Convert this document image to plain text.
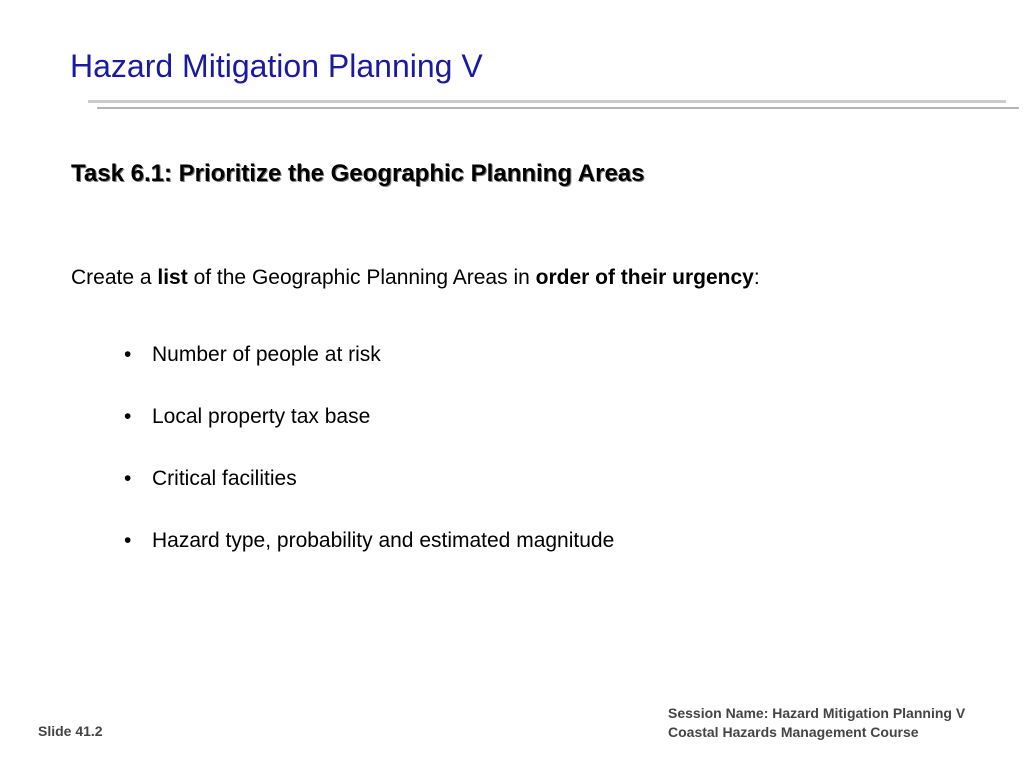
Hazard Mitigation Planning V
Task 6.1: Prioritize the Geographic Planning Areas

Create a list of the Geographic Planning Areas in order of their urgency:

• Number of people at risk
• Local property tax base
• Critical facilities
• Hazard type, probability and estimated magnitude
Slide 41.2
Session Name: Hazard Mitigation Planning V
Coastal Hazards Management Course
